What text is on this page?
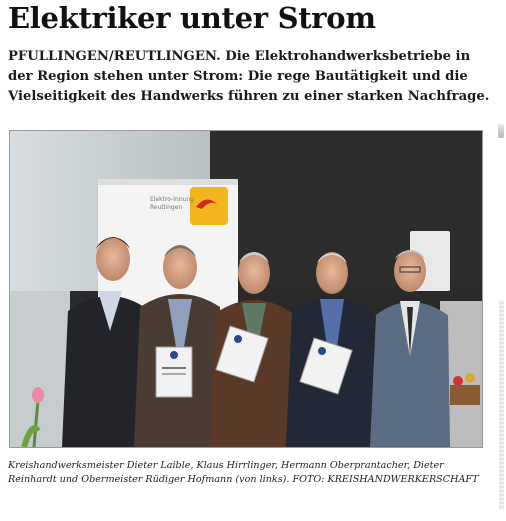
Elektriker unter Strom

PFULLINGEN/REUTLINGEN. Die Elektrohandwerksbetriebe in der Region stehen unter Strom: Die rege Bautätigkeit und die Vielseitigkeit des Handwerks führen zu einer starken Nachfrage.

Elektro-Innung
Reutlingen

Kreishandwerksmeister Dieter Laible, Klaus Hirrlinger, Hermann Oberprantacher, Dieter Reinhardt und Obermeister Rüdiger Hofmann (von links). FOTO: KREISHANDWERKERSCHAFT
